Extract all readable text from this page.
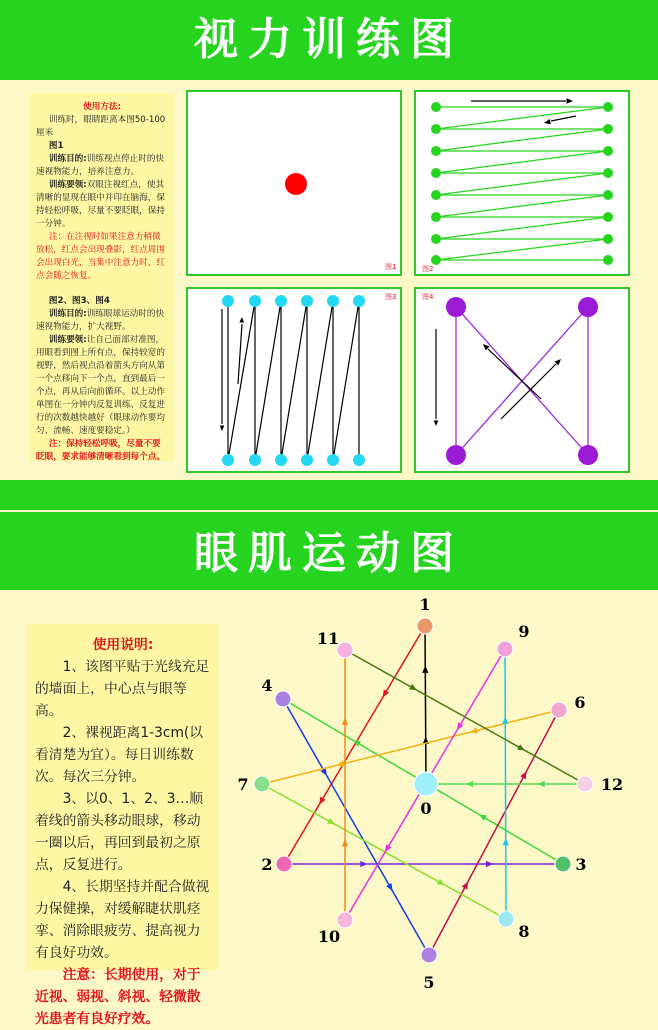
视力训练图
眼肌运动图

使用方法:

训练时，眼睛距离本图50-100厘米

图1

训练目的:训练视点停止时的快速视物能力，培养注意力。

训练要领:双眼注视红点，使其清晰的显现在眼中并印在脑海，保持轻松呼吸，尽量不要眨眼，保持一分钟。

注：在注视时如果注意力稍微放松，红点会出现叠影，红点周围会出现白光，当集中注意力时，红点会随之恢复。

图2、图3、图4

训练目的:训练眼球运动时的快速视物能力，扩大视野。

训练要领:让自己面部对准图，用眼看到图上所有点，保持较宽的视野，然后视点沿着箭头方向从第一个点移向下一个点，直到最后一个点，再从后向前循环。以上动作单图在一分钟内反复训练、反复进行的次数越快越好（眼球动作要均匀、流畅、速度要稳定。）

注：保持轻松呼吸，尽量不要眨眼，要求能够清晰看到每个点。

图1	图2
图3	图4

使用说明:

1、该图平贴于光线充足的墙面上，中心点与眼等高。

2、裸视距离1-3cm(以看清楚为宜）。每日训练数次。每次三分钟。

3、以0、1、2、3…顺着线的箭头移动眼球，移动一圈以后，再回到最初之原点，反复进行。

4、长期坚持并配合做视力保健操，对缓解睫状肌痉挛、消除眼疲劳、提高视力有良好功效。

注意：长期使用，对于近视、弱视、斜视、轻微散光患者有良好疗效。

0
1
2	3
4
5
6
7
8
9
10
11
12
